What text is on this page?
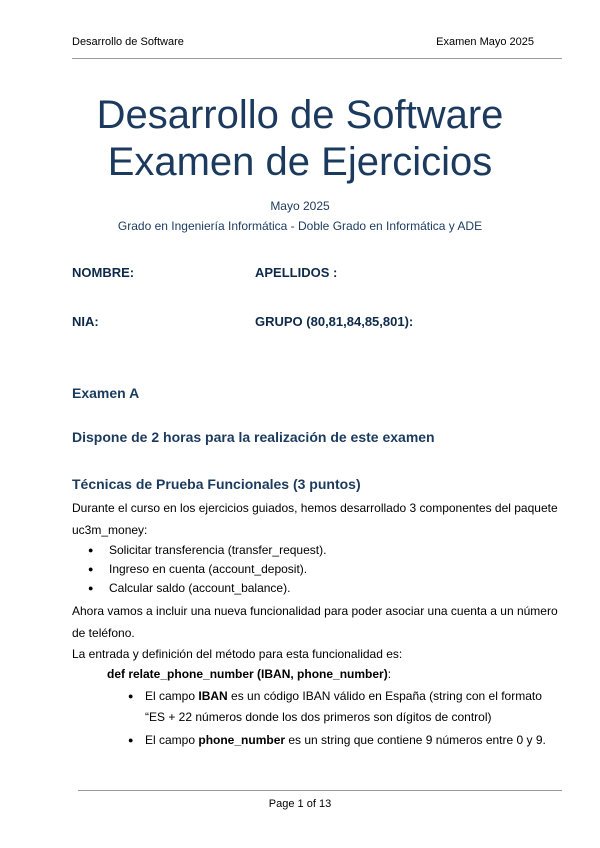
Desarrollo de Software	Examen Mayo 2025
Desarrollo de Software
Examen de Ejercicios
Mayo 2025
Grado en Ingeniería Informática - Doble Grado en Informática y ADE
NOMBRE:	APELLIDOS :
NIA:	GRUPO (80,81,84,85,801):
Examen A
Dispone de 2 horas para la realización de este examen
Técnicas de Prueba Funcionales (3 puntos)
Durante el curso en los ejercicios guiados, hemos desarrollado 3 componentes del paquete uc3m_money:
● Solicitar transferencia (transfer_request).
● Ingreso en cuenta (account_deposit).
● Calcular saldo (account_balance).
Ahora vamos a incluir una nueva funcionalidad para poder asociar una cuenta a un número de teléfono.
La entrada y definición del método para esta funcionalidad es:
def relate_phone_number (IBAN, phone_number):
● El campo IBAN es un código IBAN válido en España (string con el formato “ES + 22 números donde los dos primeros son dígitos de control)
● El campo phone_number es un string que contiene 9 números entre 0 y 9.
Page 1 of 13
